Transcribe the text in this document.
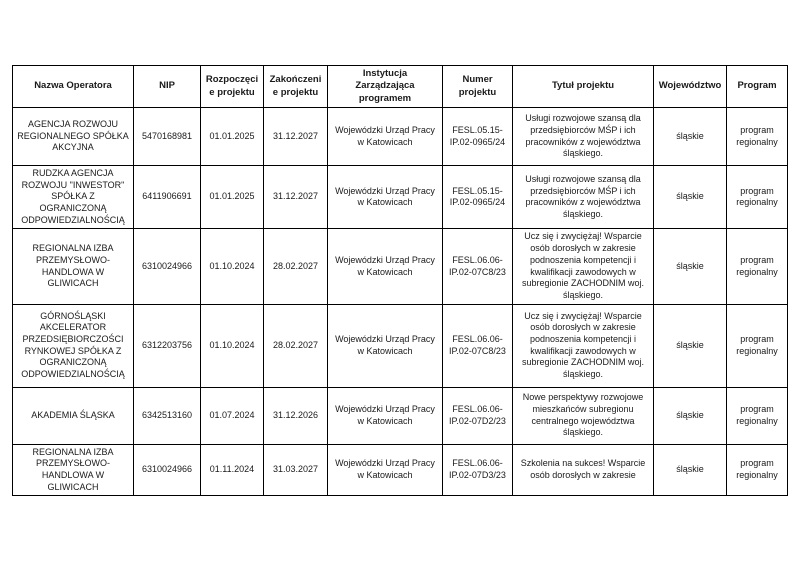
Nazwa Operatora	NIP	Rozpoczęcie projektu	Zakończenie projektu	Instytucja Zarządzająca programem	Numer projektu	Tytuł projektu	Województwo	Program
AGENCJA ROZWOJU REGIONALNEGO SPÓŁKA AKCYJNA	5470168981	01.01.2025	31.12.2027	Wojewódzki Urząd Pracy w Katowicach	FESL.05.15-IP.02-0965/24	Usługi rozwojowe szansą dla przedsiębiorców MŚP i ich pracowników z województwa śląskiego.	śląskie	program regionalny
RUDZKA AGENCJA ROZWOJU "INWESTOR" SPÓŁKA Z OGRANICZONĄ ODPOWIEDZIALNOŚCIĄ	6411906691	01.01.2025	31.12.2027	Wojewódzki Urząd Pracy w Katowicach	FESL.05.15-IP.02-0965/24	Usługi rozwojowe szansą dla przedsiębiorców MŚP i ich pracowników z województwa śląskiego.	śląskie	program regionalny
REGIONALNA IZBA PRZEMYSŁOWO-HANDLOWA W GLIWICACH	6310024966	01.10.2024	28.02.2027	Wojewódzki Urząd Pracy w Katowicach	FESL.06.06-IP.02-07C8/23	Ucz się i zwyciężaj! Wsparcie osób dorosłych w zakresie podnoszenia kompetencji i kwalifikacji zawodowych w subregionie ZACHODNIM woj. śląskiego.	śląskie	program regionalny
GÓRNOŚLĄSKI AKCELERATOR PRZEDSIĘBIORCZOŚCI RYNKOWEJ SPÓŁKA Z OGRANICZONĄ ODPOWIEDZIALNOŚCIĄ	6312203756	01.10.2024	28.02.2027	Wojewódzki Urząd Pracy w Katowicach	FESL.06.06-IP.02-07C8/23	Ucz się i zwyciężaj! Wsparcie osób dorosłych w zakresie podnoszenia kompetencji i kwalifikacji zawodowych w subregionie ZACHODNIM woj. śląskiego.	śląskie	program regionalny
AKADEMIA ŚLĄSKA	6342513160	01.07.2024	31.12.2026	Wojewódzki Urząd Pracy w Katowicach	FESL.06.06-IP.02-07D2/23	Nowe perspektywy rozwojowe mieszkańców subregionu centralnego województwa śląskiego.	śląskie	program regionalny
REGIONALNA IZBA PRZEMYSŁOWO-HANDLOWA W GLIWICACH	6310024966	01.11.2024	31.03.2027	Wojewódzki Urząd Pracy w Katowicach	FESL.06.06-IP.02-07D3/23	Szkolenia na sukces! Wsparcie osób dorosłych w zakresie	śląskie	program regionalny
